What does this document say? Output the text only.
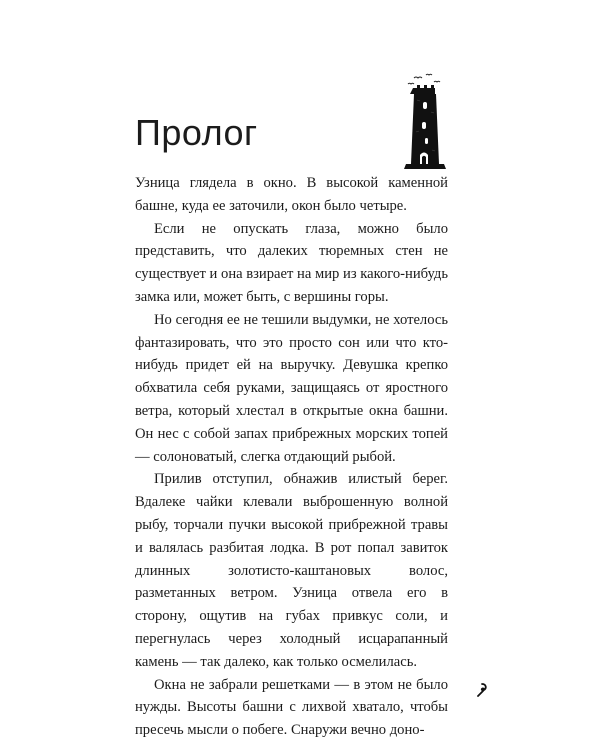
Пролог

Узница глядела в окно. В высокой каменной башне, куда ее заточили, окон было четыре.

Если не опускать глаза, можно было представить, что далеких тюремных стен не существует и она взирает на мир из какого-нибудь замка или, может быть, с вершины горы.

Но сегодня ее не тешили выдумки, не хотелось фантазировать, что это просто сон или что кто-нибудь придет ей на выручку. Девушка крепко обхватила себя руками, защищаясь от яростного ветра, который хлестал в открытые окна башни. Он нес с собой запах прибрежных морских топей — солоноватый, слегка отдающий рыбой.

Прилив отступил, обнажив илистый берег. Вдалеке чайки клевали выброшенную волной рыбу, торчали пучки высокой прибрежной травы и валялась разбитая лодка. В рот попал завиток длинных золотисто-каштановых волос, разметанных ветром. Узница отвела его в сторону, ощутив на губах привкус соли, и перегнулась через холодный исцарапанный камень — так далеко, как только осмелилась.

Окна не забрали решетками — в этом не было нужды. Высоты башни с лихвой хватало, чтобы пресечь мысли о побеге. Снаружи вечно доно-
